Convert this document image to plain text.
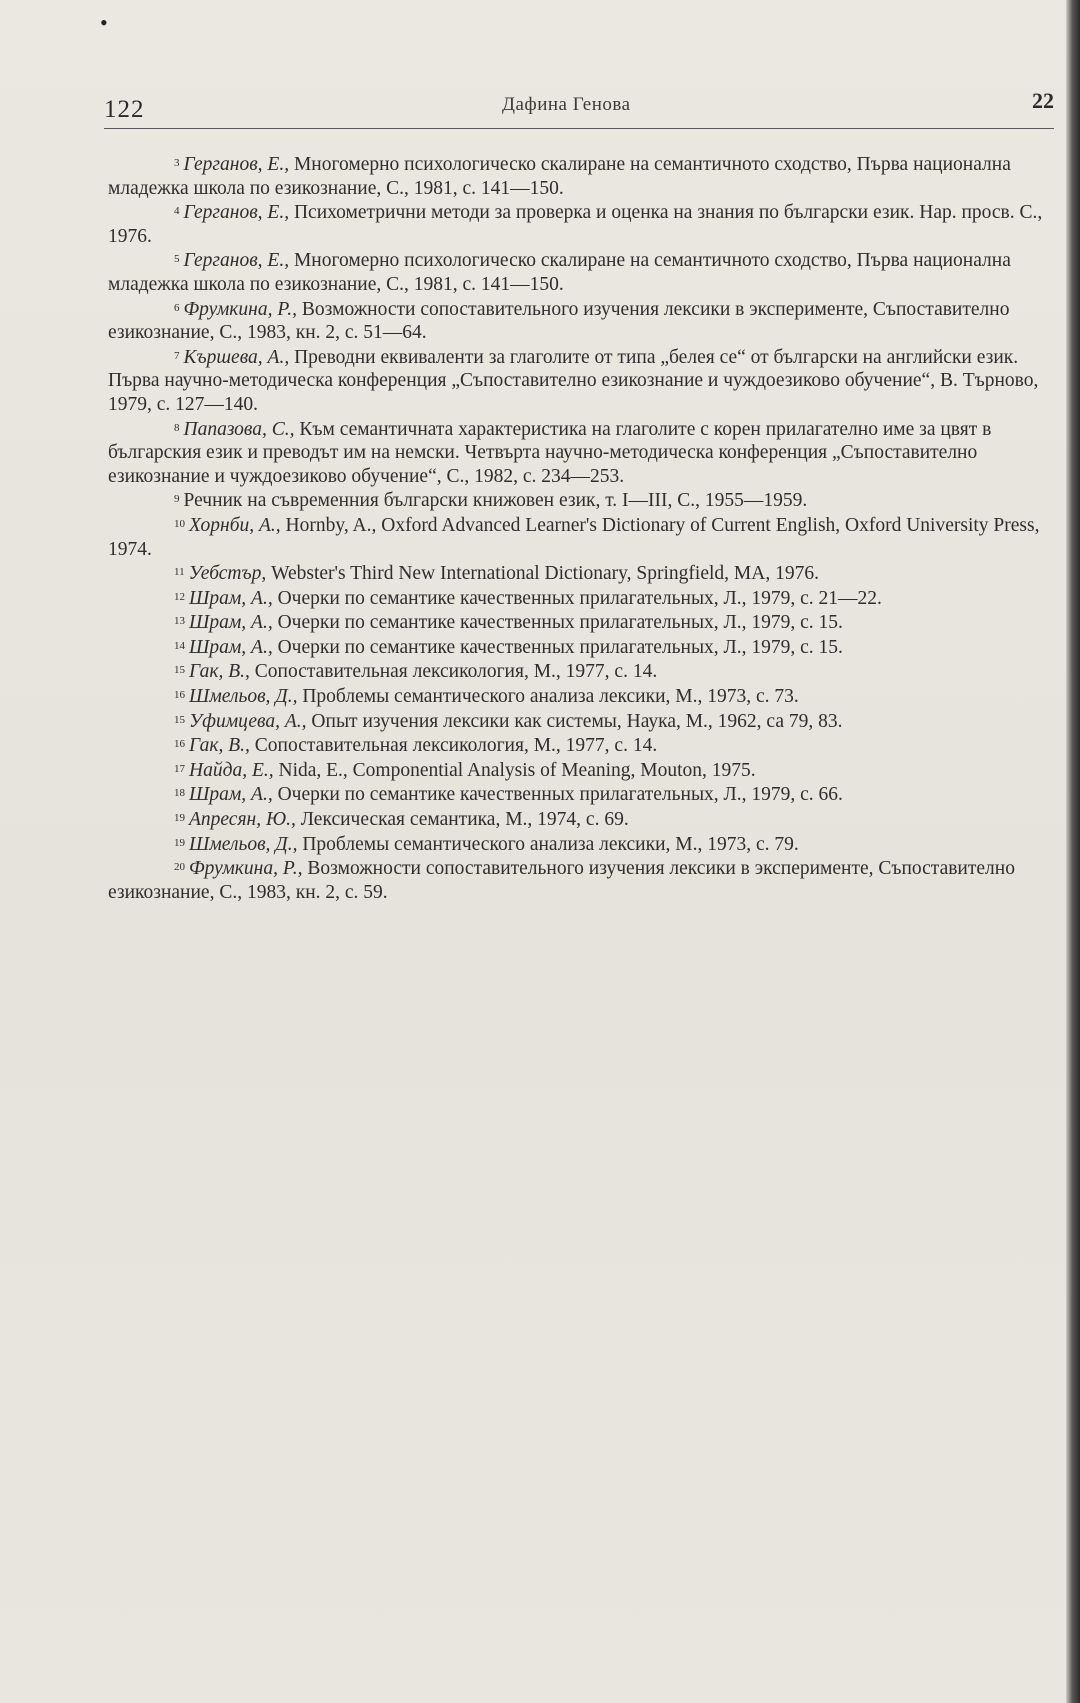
•
122	Дафина Генова	22

$^3$ Герганов, Е., Многомерно психологическо скалиране на семантичното сходство, Първа национална младежка школа по езикознание, С., 1981, с. 141—150.

$^4$ Герганов, Е., Психометрични методи за проверка и оценка на знания по български език. Нар. просв. С., 1976.

$^5$ Герганов, Е., Многомерно психологическо скалиране на семантичното сходство, Първа национална младежка школа по езикознание, С., 1981, с. 141—150.

$^6$ Фрумкина, Р., Возможности сопоставительного изучения лексики в эксперименте, Съпоставително езикознание, С., 1983, кн. 2, с. 51—64.

$^7$ Кършева, А., Преводни еквиваленти за глаголите от типа „белея се“ от български на английски език. Първа научно-методическа конференция „Съпоставително езикознание и чуждоезиково обучение“, В. Търново, 1979, с. 127—140.

$^8$ Папазова, С., Към семантичната характеристика на глаголите с корен прилагателно име за цвят в българския език и преводът им на немски. Четвърта научно-методическа конференция „Съпоставително езикознание и чуждоезиково обучение“, С., 1982, с. 234—253.

$^9$ Речник на съвременния български книжовен език, т. I—III, С., 1955—1959.

$^{10}$ Хорнби, А., Hornby, A., Oxford Advanced Learner's Dictionary of Current English, Oxford University Press, 1974.

$^{11}$ Уебстър, Webster's Third New International Dictionary, Springfield, MA, 1976.

$^{12}$ Шрам, А., Очерки по семантике качественных прилагательных, Л., 1979, с. 21—22.

$^{13}$ Шрам, А., Очерки по семантике качественных прилагательных, Л., 1979, с. 15.

$^{14}$ Шрам, А., Очерки по семантике качественных прилагательных, Л., 1979, с. 15.

$^{15}$ Гак, В., Сопоставительная лексикология, М., 1977, с. 14.

$^{16}$ Шмельов, Д., Проблемы семантического анализа лексики, М., 1973, с. 73.

$^{15}$ Уфимцева, А., Опыт изучения лексики как системы, Наука, М., 1962, са 79, 83.

$^{16}$ Гак, В., Сопоставительная лексикология, М., 1977, с. 14.

$^{17}$ Найда, Е., Nida, E., Componential Analysis of Meaning, Mouton, 1975.

$^{18}$ Шрам, А., Очерки по семантике качественных прилагательных, Л., 1979, с. 66.

$^{19}$ Апресян, Ю., Лексическая семантика, М., 1974, с. 69.

$^{19}$ Шмельов, Д., Проблемы семантического анализа лексики, М., 1973, с. 79.

$^{20}$ Фрумкина, Р., Возможности сопоставительного изучения лексики в эксперименте, Съпоставително езикознание, С., 1983, кн. 2, с. 59.
